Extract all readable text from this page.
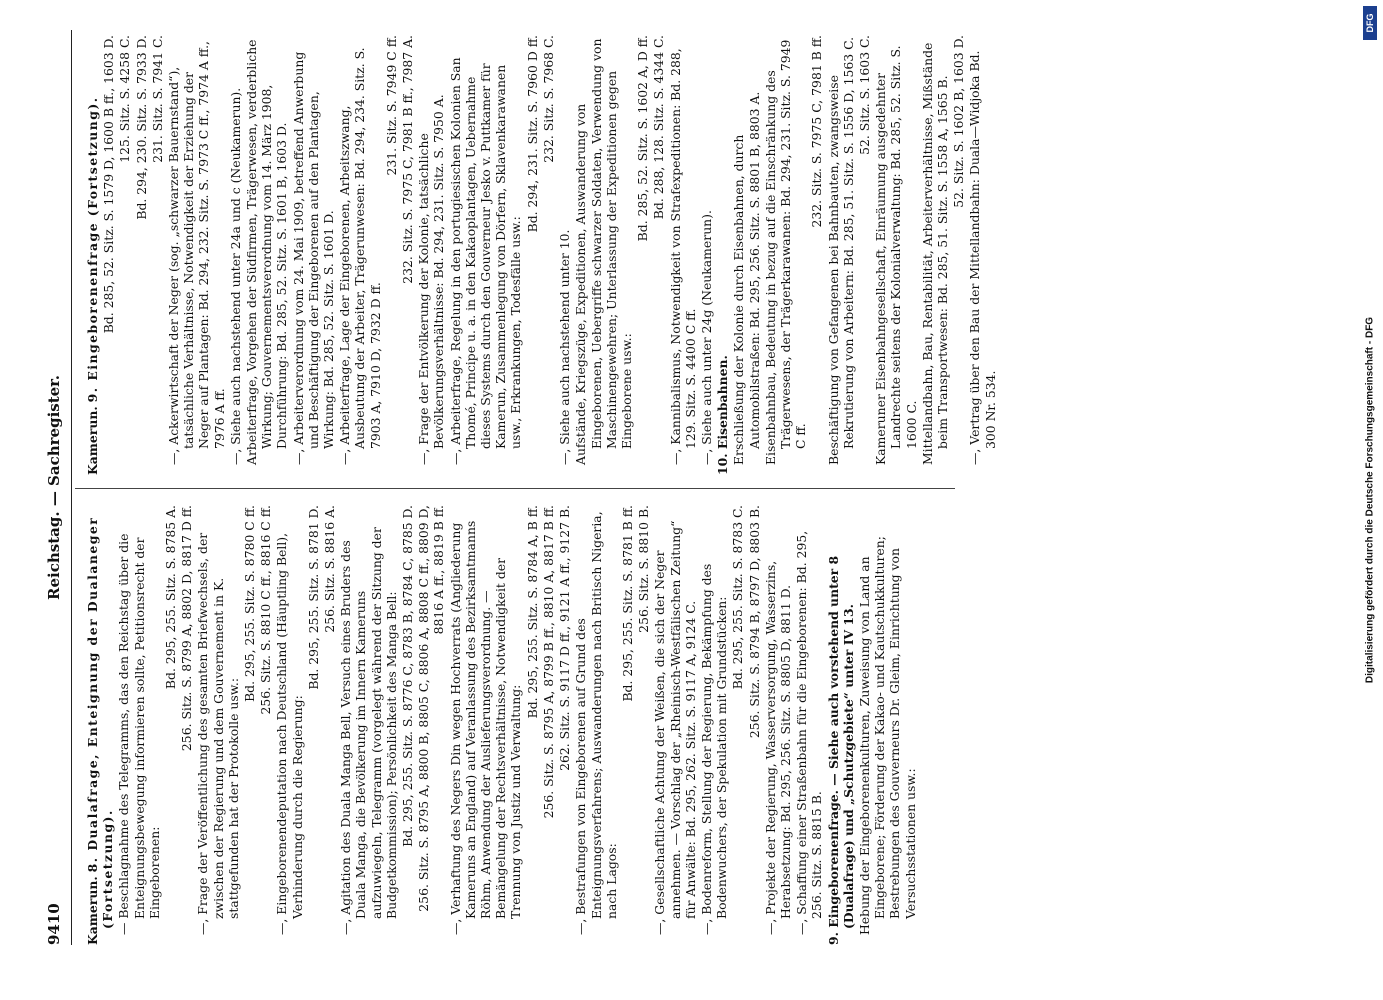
9410
Reichstag. — Sachregister.

Kamerun. 8. Dualafrage, Enteignung der Dualaneger (Fortsetzung). — Beschlagnahme des Telegramms, das den Reichstag über die Enteignungsbewegung informieren sollte, Petitionsrecht der Eingeborenen:

Bd. 295, 255. Sitz. S. 8785 A. 256. Sitz. S. 8799 A, 8802 D, 8817 D ff. —, Frage der Veröffentlichung des gesamten Briefwechsels, der zwischen der Regierung und dem Gouvernement in K. stattgefunden hat der Protokolle usw.:

Bd. 295, 255. Sitz. S. 8780 C ff. 256. Sitz. S. 8810 C ff., 8816 C ff. —, Eingeborenendeputation nach Deutschland (Häuptling Bell), Verhinderung durch die Regierung:

Bd. 295, 255. Sitz. S. 8781 D. 256. Sitz. S. 8816 A. —, Agitation des Duala Manga Bell, Versuch eines Bruders des Duala Manga, die Bevölkerung im Innern Kameruns aufzuwiegeln, Telegramm (vorgelegt während der Sitzung der Budgetkommission); Persönlichkeit des Manga Bell: Bd. 295, 255. Sitz. S. 8776 C, 8783 B, 8784 C, 8785 D. 256. Sitz. S. 8795 A, 8800 B, 8805 C, 8806 A, 8808 C ff., 8809 D, 8816 A ff., 8819 B ff. —, Verhaftung des Negers Din wegen Hochverrats (Angliederung Kameruns an England) auf Veranlassung des Bezirksamtmanns Röhm, Anwendung der Auslieferungsverordnung. — Bemängelung der Rechtsverhältnisse, Notwendigkeit der Trennung von Justiz und Verwaltung:

Bd. 295, 255. Sitz. S. 8784 A, B ff. 256. Sitz. S. 8795 A, 8799 B ff., 8810 A, 8817 B ff. 262. Sitz. S. 9117 D ff., 9121 A ff., 9127 B. —, Bestrafungen von Eingeborenen auf Grund des Enteignungsverfahrens; Auswanderungen nach Britisch Nigeria, nach Lagos:

Bd. 295, 255. Sitz. S. 8781 B ff. 256. Sitz. S. 8810 B. —, Gesellschaftliche Achtung der Weißen, die sich der Neger annehmen. — Vorschlag der „Rheinisch-Westfälischen Zeitung“ für Anwälte: Bd. 295, 262. Sitz. S. 9117 A, 9124 C. —, Bodenreform, Stellung der Regierung, Bekämpfung des Bodenwuchers, der Spekulation mit Grundstücken: Bd. 295, 255. Sitz. S. 8783 C. 256. Sitz. S. 8794 B, 8797 D, 8803 B. —, Projekte der Regierung, Wasserversorgung, Wasserzins, Herabsetzung: Bd. 295, 256. Sitz. S. 8805 D, 8811 D. —, Schaffung einer Straßenbahn für die Eingeborenen: Bd. 295, 256. Sitz. S. 8815 B. 9. Eingeborenenfrage. — Siehe auch vorstehend unter 8 (Dualafrage) und „Schutzgebiete“ unter IV 13. Hebung der Eingeborenenkulturen, Zuweisung von Land an Eingeborene; Förderung der Kakao- und Kautschukkulturen; Bestrebungen des Gouverneurs Dr. Gleim, Einrichtung von Versuchsstationen usw.:

Kamerun. 9. Eingeborenenfrage (Fortsetzung). Bd. 285, 52. Sitz. S. 1579 D, 1600 B ff., 1603 D. 125. Sitz. S. 4258 C. Bd. 294, 230. Sitz. S. 7933 D. 231. Sitz. S. 7941 C. —, Ackerwirtschaft der Neger (sog. „schwarzer Bauernstand“), tatsächliche Verhältnisse, Notwendigkeit der Erziehung der Neger auf Plantagen: Bd. 294, 232. Sitz. S. 7973 C ff., 7974 A ff., 7976 A ff. —, Siehe auch nachstehend unter 24a und c (Neukamerun). Arbeiterfrage, Vorgehen der Südfirmen, Trägerwesen, verderbliche Wirkung; Gouvernementsverordnung vom 14. März 1908, Durchführung: Bd. 285, 52. Sitz. S. 1601 B, 1603 D. —, Arbeiterverordnung vom 24. Mai 1909, betreffend Anwerbung und Beschäftigung der Eingeborenen auf den Plantagen, Wirkung: Bd. 285, 52. Sitz. S. 1601 D. —, Arbeiterfrage, Lage der Eingeborenen, Arbeitszwang, Ausbeutung der Arbeiter, Trägerunwesen: Bd. 294, 234. Sitz. S. 7903 A, 7910 D, 7932 D ff.

231. Sitz. S. 7949 C ff. 232. Sitz. S. 7975 C, 7981 B ff., 7987 A. —, Frage der Entvölkerung der Kolonie, tatsächliche Bevölkerungsverhältnisse: Bd. 294, 231. Sitz. S. 7950 A. —, Arbeiterfrage, Regelung in den portugiesischen Kolonien San Thomé, Principe u. a. in den Kakaoplantagen, Uebernahme dieses Systems durch den Gouverneur Jesko v. Puttkamer für Kamerun, Zusammenlegung von Dörfern, Sklavenkarawanen usw., Erkrankungen, Todesfälle usw.:

Bd. 294, 231. Sitz. S. 7960 D ff. 232. Sitz. S. 7968 C.

—, Siehe auch nachstehend unter 10. Aufstände, Kriegszüge, Expeditionen, Auswanderung von Eingeborenen, Uebergriffe schwarzer Soldaten, Verwendung von Maschinengewehren; Unterlassung der Expeditionen gegen Eingeborene usw.:

Bd. 285, 52. Sitz. S. 1602 A, D ff. Bd. 288, 128. Sitz. S. 4344 C. —, Kannibalismus, Notwendigkeit von Strafexpeditionen: Bd. 288, 129. Sitz. S. 4400 C ff. —, Siehe auch unter 24g (Neukamerun). 10. Eisenbahnen. Erschließung der Kolonie durch Eisenbahnen, durch Automobilstraßen: Bd. 295, 256. Sitz. S. 8801 B, 8803 A. Eisenbahnbau, Bedeutung in bezug auf die Einschränkung des Trägerwesens, der Trägerkarawanen: Bd. 294, 231. Sitz. S. 7949 C ff.

232. Sitz. S. 7975 C, 7981 B ff. Beschäftigung von Gefangenen bei Bahnbauten, zwangsweise Rekrutierung von Arbeitern: Bd. 285, 51. Sitz. S. 1556 D, 1563 C. 52. Sitz. S. 1603 C. Kameruner Eisenbahngesellschaft, Einräumung ausgedehnter Landrechte seitens der Kolonialverwaltung: Bd. 285, 52. Sitz. S. 1600 C. Mittellandbahn, Bau, Rentabilität, Arbeiterverhältnisse, Mißstände beim Transportwesen: Bd. 285, 51. Sitz. S. 1558 A, 1565 B. 52. Sitz. S. 1602 B, 1603 D. —, Vertrag über den Bau der Mittellandbahn: Duala—Widjoka Bd. 300 Nr. 534.	Digitalisierung gefördert durch die Deutsche Forschungsgemeinschaft - DFG
DFG
